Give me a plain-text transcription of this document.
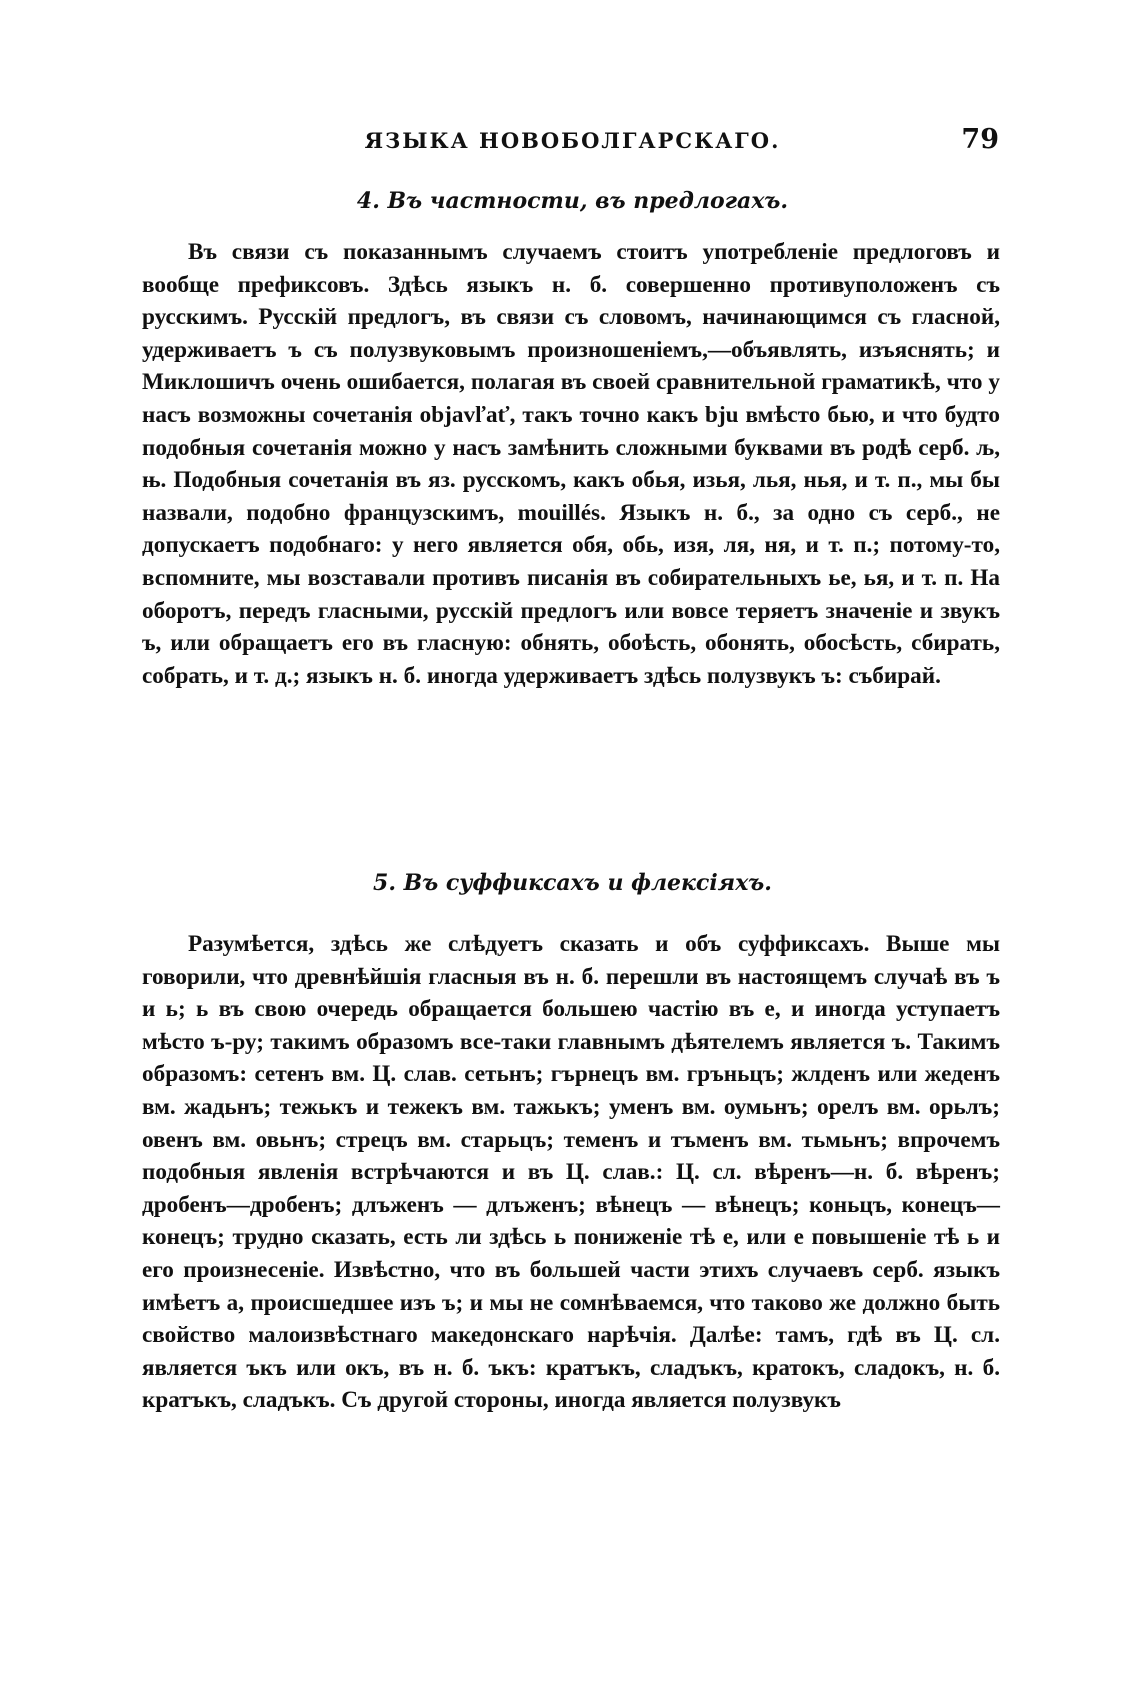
ЯЗЫКА НОВОБОЛГАРСКАГО.	79
4. Въ частности, въ предлогахъ.

Въ связи съ показаннымъ случаемъ стоитъ употребленіе предлоговъ и вообще префиксовъ. Здѣсь языкъ н. б. совершенно противуположенъ съ русскимъ. Русскій предлогъ, въ связи съ словомъ, начинающимся съ гласной, удерживаетъ ъ съ полузвуковымъ произношеніемъ,—объявлять, изъяснять; и Миклошичъ очень ошибается, полагая въ своей сравнительной граматикѣ, что у насъ возможны сочетанія objavľať, такъ точно какъ bju вмѣсто бью, и что будто подобныя сочетанія можно у насъ замѣнить сложными буквами въ родѣ серб. љ, њ. Подобныя сочетанія въ яз. русскомъ, какъ обья, изья, лья, нья, и т. п., мы бы назвали, подобно французскимъ, mouillés. Языкъ н. б., за одно съ серб., не допускаетъ подобнаго: у него является обя, обь, изя, ля, ня, и т. п.; потому-то, вспомните, мы возставали противъ писанія въ собирательныхъ ье, ья, и т. п. На оборотъ, передъ гласными, русскій предлогъ или вовсе теряетъ значеніе и звукъ ъ, или обращаетъ его въ гласную: обнять, обоѣсть, обонять, обосѣсть, сбирать, собрать, и т. д.; языкъ н. б. иногда удерживаетъ здѣсь полузвукъ ъ: събирай.

5. Въ суффиксахъ и флексіяхъ.

Разумѣется, здѣсь же слѣдуетъ сказать и объ суффиксахъ. Выше мы говорили, что древнѣйшія гласныя въ н. б. перешли въ настоящемъ случаѣ въ ъ и ь; ь въ свою очередь обращается большею частію въ е, и иногда уступаетъ мѣсто ъ-ру; такимъ образомъ все-таки главнымъ дѣятелемъ является ъ. Такимъ образомъ: сетенъ вм. Ц. слав. сетьнъ; гърнецъ вм. гръньцъ; жлденъ или жеденъ вм. жадьнъ; тежькъ и тежекъ вм. тажькъ; уменъ вм. оумьнъ; орелъ вм. орьлъ; овенъ вм. овьнъ; стрецъ вм. старьцъ; теменъ и тъменъ вм. тьмьнъ; впрочемъ подобныя явленія встрѣчаются и въ Ц. слав.: Ц. сл. вѣренъ—н. б. вѣренъ; дробенъ—дробенъ; длъженъ — длъженъ; вѣнецъ — вѣнецъ; коньцъ, конецъ—конецъ; трудно сказать, есть ли здѣсь ь пониженіе тѣ е, или е повышеніе тѣ ь и его произнесеніе. Извѣстно, что въ большей части этихъ случаевъ серб. языкъ имѣетъ а, происшедшее изъ ъ; и мы не сомнѣваемся, что таково же должно быть свойство малоизвѣстнаго македонскаго нарѣчія. Далѣе: тамъ, гдѣ въ Ц. сл. является ъкъ или окъ, въ н. б. ъкъ: кратъкъ, сладъкъ, кратокъ, сладокъ, н. б. кратъкъ, сладъкъ. Съ другой стороны, иногда является полузвукъ
